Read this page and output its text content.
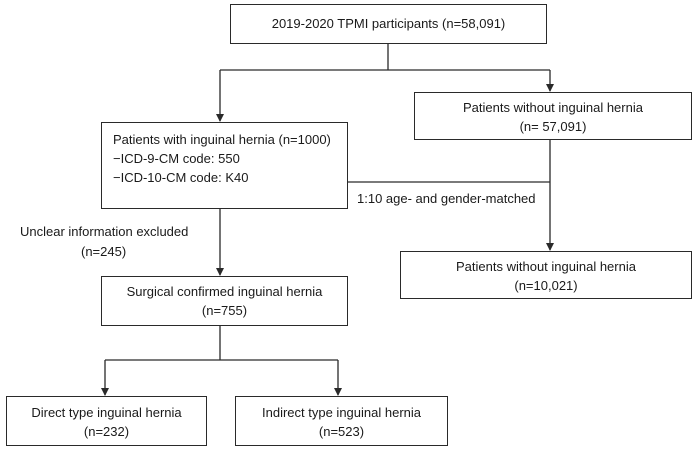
2019-2020 TPMI participants (n=58,091)
Patients with inguinal hernia (n=1000)
−ICD-9-CM code: 550
−ICD-10-CM code: K40
Patients without inguinal hernia
(n= 57,091)
Patients without inguinal hernia
(n=10,021)
Surgical confirmed inguinal hernia
(n=755)
Direct type inguinal hernia
(n=232)
Indirect type inguinal hernia
(n=523)
1:10 age- and gender-matched
Unclear information excluded
(n=245)
